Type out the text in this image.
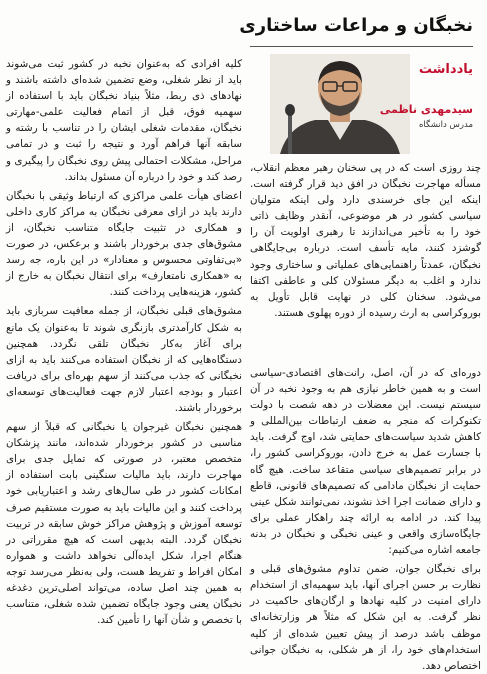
نخبگان و مراعات ساختاری
یادداشت
سیدمهدی ناظمی
مدرس دانشگاه

چند روزی است که در پی سخنان رهبر معظم انقلاب، مسأله مهاجرت نخبگان در افق دید قرار گرفته است. اینکه این جای خرسندی دارد ولی اینکه متولیان سیاسی کشور در هر موضوعی، آنقدر وظایف ذاتی خود را به تأخیر می‌اندازند تا رهبری اولویت آن را گوشزد کنند، مایه تأسف است. درباره بی‌جایگاهی نخبگان، عمدتاً راهنمایی‌های عملیاتی و ساختاری وجود ندارد و اغلب به دیگر مسئولان کلی و عاطفی اکتفا می‌شود. سخنان کلی در نهایت قابل تأویل به بوروکراسی به ارث رسیده از دوره پهلوی هستند.

دوره‌ای که در آن، اصل، رانت‌های اقتصادی-سیاسی است و به همین خاطر نیازی هم به وجود نخبه در آن سیستم نیست. این معضلات در دهه شصت با دولت تکنوکرات که منجر به ضعف ارتباطات بین‌المللی و کاهش شدید سیاست‌های حمایتی شد، اوج گرفت. باید با جسارت عمل به خرج دادن، بوروکراسی کشور را، در برابر تصمیم‌های سیاسی متقاعد ساخت. هیچ گاه حمایت از نخبگان مادامی که تصمیم‌های قانونی، قاطع و دارای ضمانت اجرا اخذ نشوند، نمی‌توانند شکل عینی پیدا کند. در ادامه به ارائه چند راهکار عملی برای جایگاه‌سازی واقعی و عینی نخبگی و نخبگان در بدنه جامعه اشاره می‌کنیم:

برای نخبگان جوان، ضمن تداوم مشوق‌های قبلی و نظارت بر حسن اجرای آنها، باید سهمیه‌ای از استخدام دارای امنیت در کلیه نهادها و ارگان‌های حاکمیت در نظر گرفت. به این شکل که مثلاً هر وزارتخانه‌ای موظف باشد درصد از پیش تعیین شده‌ای از کلیه استخدام‌های خود را، از هر شکلی، به نخبگان جوانی اختصاص دهد.

کلیه افرادی که به‌عنوان نخبه در کشور ثبت می‌شوند باید از نظر شغلی، وضع تضمین شده‌ای داشته باشند و نهادهای ذی ربط، مثلاً بنیاد نخبگان باید با استفاده از سهمیه فوق، قبل از اتمام فعالیت علمی-مهارتی نخبگان، مقدمات شغلی ایشان را در تناسب با رشته و سابقه آنها فراهم آورد و نتیجه را ثبت و در تمامی مراحل، مشکلات احتمالی پیش روی نخبگان را پیگیری و رصد کند و خود را درباره آن مسئول بداند.

اعضای هیأت علمی مراکزی که ارتباط وثیقی با نخبگان دارند باید در ازای معرفی نخبگان به مراکز کاری داخلی و همکاری در تثبیت جایگاه متناسب نخبگان، از مشوق‌های جدی برخوردار باشند و برعکس، در صورت «بی‌تفاوتی محسوس و معنادار» در این باره، جه رسد به «همکاری نامتعارف» برای انتقال نخبگان به خارج از کشور، هزینه‌هایی پرداخت کنند.

مشوق‌های قبلی نخبگان، از جمله معافیت سربازی باید به شکل کارآمدتری بازنگری شوند تا به‌عنوان یک مانع برای آغاز به‌کار نخبگان تلقی نگردد. همچنین دستگاه‌هایی که از نخبگان استفاده می‌کنند باید به ازای نخبگانی که جذب می‌کنند از سهم بهره‌ای برای دریافت اعتبار و بودجه اعتبار لازم جهت فعالیت‌های توسعه‌ای برخوردار باشند.

همچنین نخبگان غیرجوان یا نخبگانی که قبلاً از سهم مناسبی در کشور برخوردار شده‌اند، مانند پزشکان متخصص معتبر، در صورتی که تمایل جدی برای مهاجرت دارند، باید مالیات سنگینی بابت استفاده از امکانات کشور در طی سال‌های رشد و اعتباریابی خود پرداخت کنند و این مالیات باید به صورت مستقیم صرف توسعه آموزش و پژوهش مراکز خوش سابقه در تربیت نخبگان گردد. البته بدیهی است که هیچ مقرراتی در هنگام اجرا، شکل ایده‌آلی نخواهد داشت و همواره امکان افراط و تفریط هست، ولی به‌نظر می‌رسد توجه به همین چند اصل ساده، می‌تواند اصلی‌ترین دغدغه نخبگان یعنی وجود جایگاه تضمین شده شغلی، متناسب با تخصص و شأن آنها را تأمین کند.
